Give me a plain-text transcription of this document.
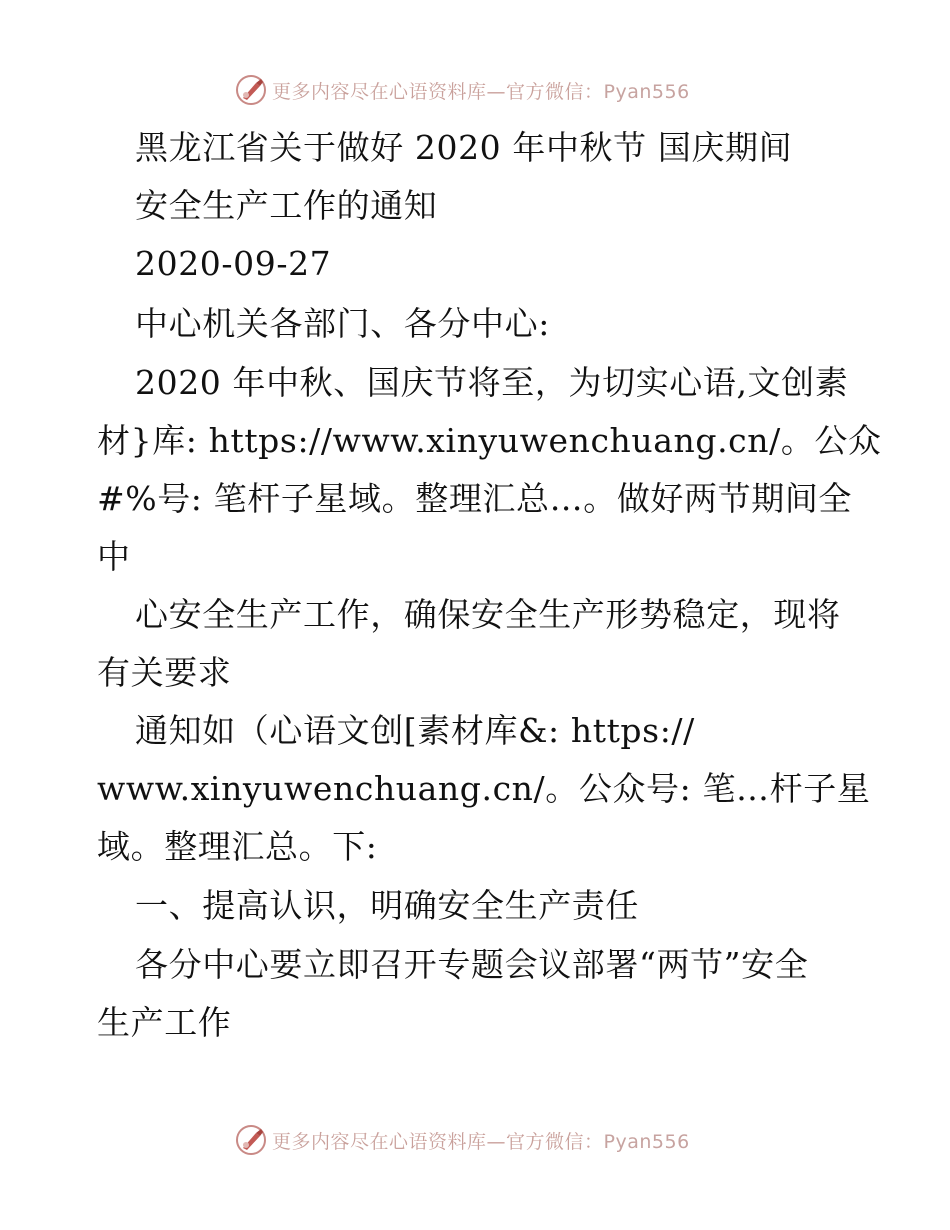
更多内容尽在心语资料库—官方微信：Pyan556
黑龙江省关于做好 2020 年中秋节 国庆期间
安全生产工作的通知
2020-09-27
中心机关各部门、各分中心:
2020 年中秋、国庆节将至，为切实心语,文创素
材}库: https://www.xinyuwenchuang.cn/。公众
#%号: 笔杆子星域。整理汇总…。做好两节期间全
中
心安全生产工作，确保安全生产形势稳定，现将
有关要求
通知如（心语文创[素材库&: https://
www.xinyuwenchuang.cn/。公众号: 笔…杆子星
域。整理汇总。下:
一、提高认识，明确安全生产责任
各分中心要立即召开专题会议部署“两节”安全
生产工作
更多内容尽在心语资料库—官方微信：Pyan556
